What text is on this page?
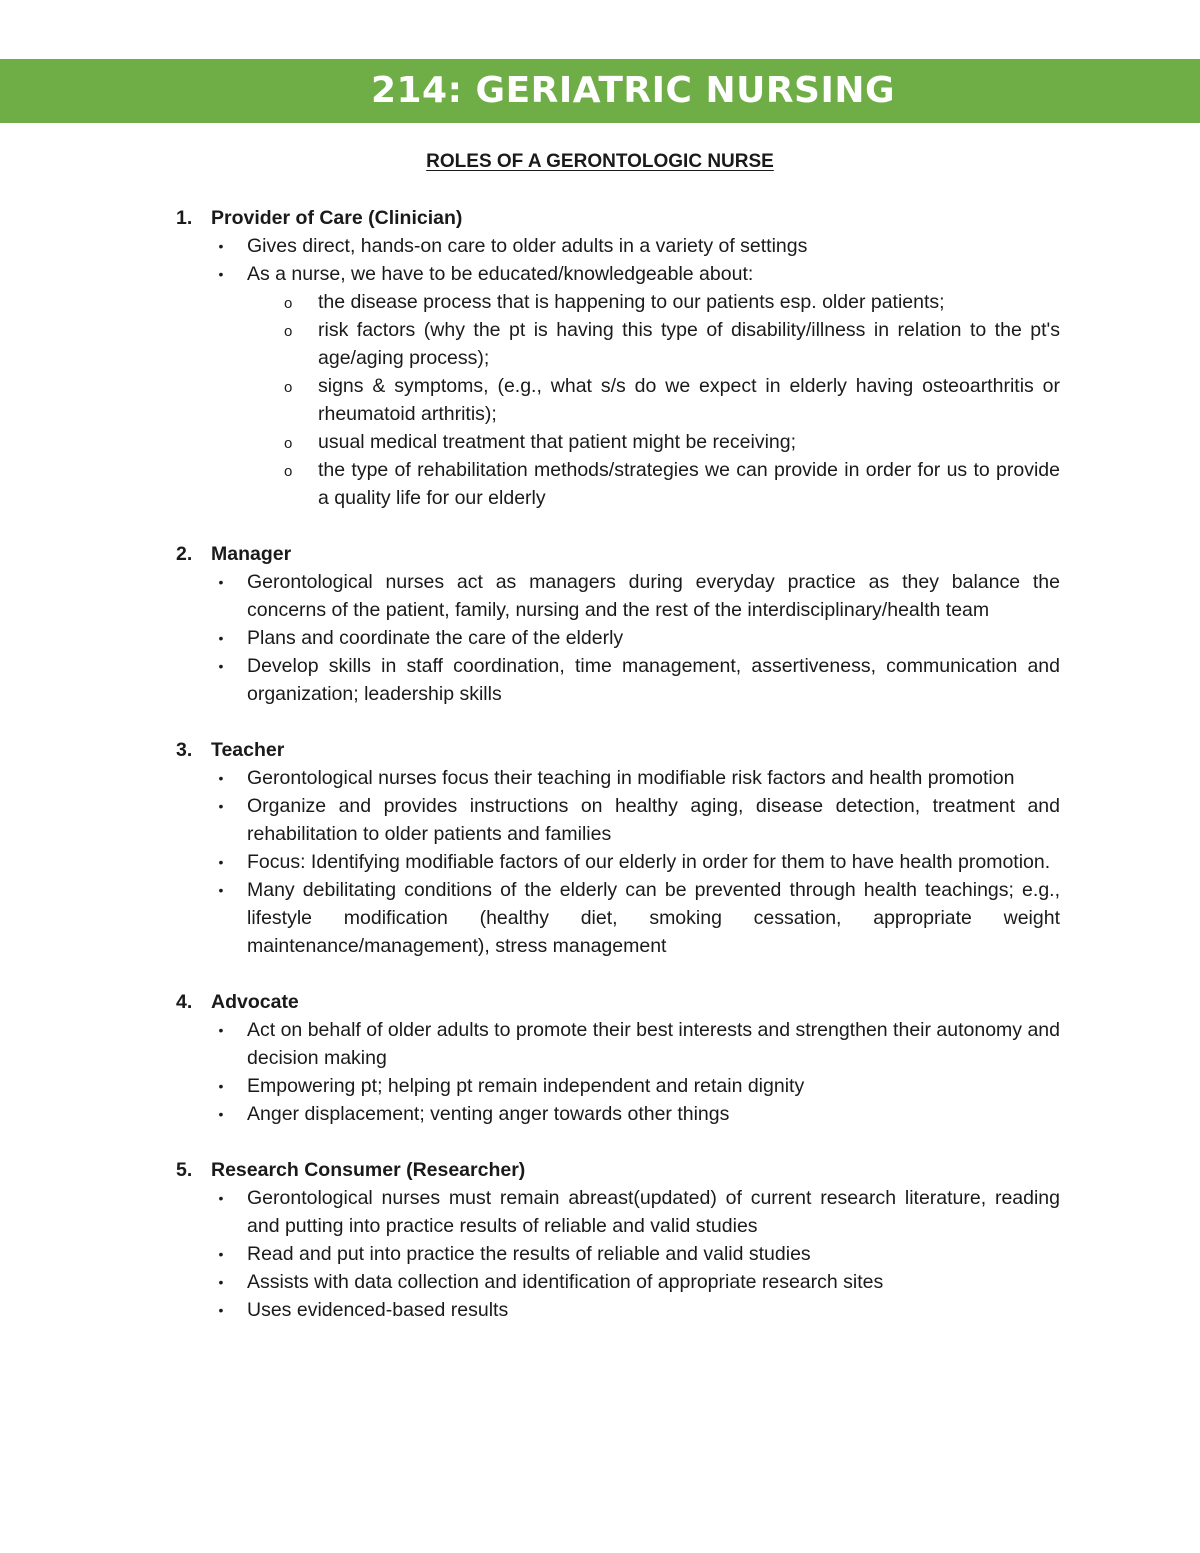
214: GERIATRIC NURSING
ROLES OF A GERONTOLOGIC NURSE
1. Provider of Care (Clinician)
• Gives direct, hands-on care to older adults in a variety of settings
• As a nurse, we have to be educated/knowledgeable about:
o the disease process that is happening to our patients esp. older patients;
o risk factors (why the pt is having this type of disability/illness in relation to the pt's age/aging process);
o signs & symptoms, (e.g., what s/s do we expect in elderly having osteoarthritis or rheumatoid arthritis);
o usual medical treatment that patient might be receiving;
o the type of rehabilitation methods/strategies we can provide in order for us to provide a quality life for our elderly
2. Manager
• Gerontological nurses act as managers during everyday practice as they balance the concerns of the patient, family, nursing and the rest of the interdisciplinary/health team
• Plans and coordinate the care of the elderly
• Develop skills in staff coordination, time management, assertiveness, communication and organization; leadership skills
3. Teacher
• Gerontological nurses focus their teaching in modifiable risk factors and health promotion
• Organize and provides instructions on healthy aging, disease detection, treatment and rehabilitation to older patients and families
• Focus: Identifying modifiable factors of our elderly in order for them to have health promotion.
• Many debilitating conditions of the elderly can be prevented through health teachings; e.g., lifestyle modification (healthy diet, smoking cessation, appropriate weight maintenance/management), stress management
4. Advocate
• Act on behalf of older adults to promote their best interests and strengthen their autonomy and decision making
• Empowering pt; helping pt remain independent and retain dignity
• Anger displacement; venting anger towards other things
5. Research Consumer (Researcher)
• Gerontological nurses must remain abreast(updated) of current research literature, reading and putting into practice results of reliable and valid studies
• Read and put into practice the results of reliable and valid studies
• Assists with data collection and identification of appropriate research sites
• Uses evidenced-based results
